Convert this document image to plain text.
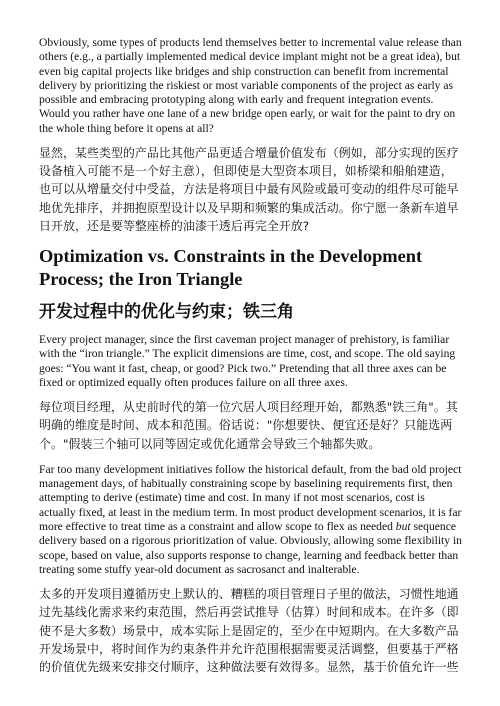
Obviously, some types of products lend themselves better to incremental value release than others (e.g., a partially implemented medical device implant might not be a great idea), but even big capital projects like bridges and ship construction can benefit from incremental delivery by prioritizing the riskiest or most variable components of the project as early as possible and embracing prototyping along with early and frequent integration events. Would you rather have one lane of a new bridge open early, or wait for the paint to dry on the whole thing before it opens at all?

显然，某些类型的产品比其他产品更适合增量价值发布（例如，部分实现的医疗设备植入可能不是一个好主意），但即使是大型资本项目，如桥梁和船舶建造，也可以从增量交付中受益，方法是将项目中最有风险或最可变动的组件尽可能早地优先排序，并拥抱原型设计以及早期和频繁的集成活动。你宁愿一条新车道早日开放，还是要等整座桥的油漆干透后再完全开放?

Optimization vs. Constraints in the Development Process; the Iron Triangle
开发过程中的优化与约束；铁三角

Every project manager, since the first caveman project manager of prehistory, is familiar with the “iron triangle.” The explicit dimensions are time, cost, and scope. The old saying goes: “You want it fast, cheap, or good? Pick two.” Pretending that all three axes can be fixed or optimized equally often produces failure on all three axes.

每位项目经理，从史前时代的第一位穴居人项目经理开始，都熟悉"铁三角"。其明确的维度是时间、成本和范围。俗话说："你想要快、便宜还是好？只能选两个。"假装三个轴可以同等固定或优化通常会导致三个轴都失败。

Far too many development initiatives follow the historical default, from the bad old project management days, of habitually constraining scope by baselining requirements first, then attempting to derive (estimate) time and cost. In many if not most scenarios, cost is actually fixed, at least in the medium term. In most product development scenarios, it is far more effective to treat time as a constraint and allow scope to flex as needed but sequence delivery based on a rigorous prioritization of value. Obviously, allowing some flexibility in scope, based on value, also supports response to change, learning and feedback better than treating some stuffy year-old document as sacrosanct and inalterable.

太多的开发项目遵循历史上默认的、糟糕的项目管理日子里的做法，习惯性地通过先基线化需求来约束范围，然后再尝试推导（估算）时间和成本。在许多（即使不是大多数）场景中，成本实际上是固定的，至少在中短期内。在大多数产品开发场景中，将时间作为约束条件并允许范围根据需要灵活调整，但要基于严格的价值优先级来安排交付顺序，这种做法要有效得多。显然，基于价值允许一些
